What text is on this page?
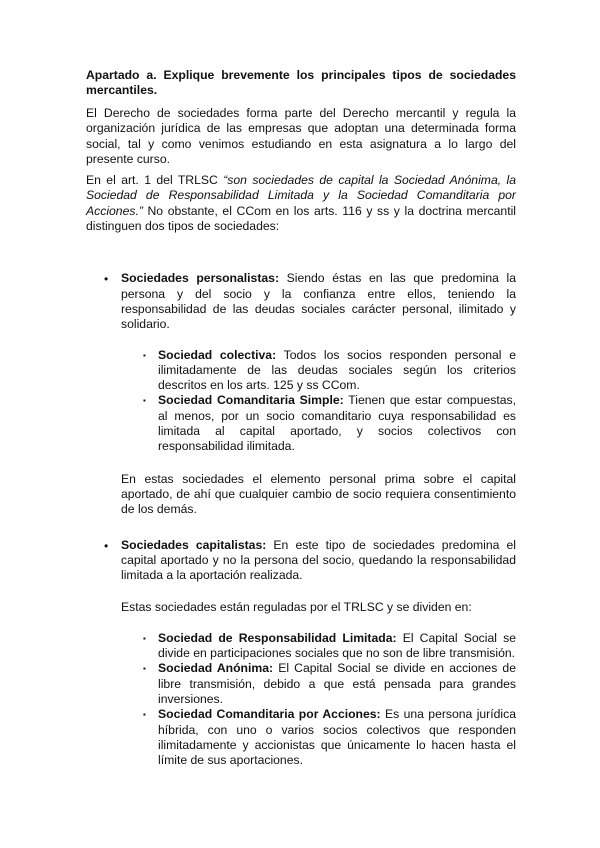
Apartado a. Explique brevemente los principales tipos de sociedades mercantiles.

El Derecho de sociedades forma parte del Derecho mercantil y regula la organización jurídica de las empresas que adoptan una determinada forma social, tal y como venimos estudiando en esta asignatura a lo largo del presente curso.

En el art. 1 del TRLSC “son sociedades de capital la Sociedad Anónima, la Sociedad de Responsabilidad Limitada y la Sociedad Comanditaria por Acciones.” No obstante, el CCom en los arts. 116 y ss y la doctrina mercantil distinguen dos tipos de sociedades:

• Sociedades personalistas: Siendo éstas en las que predomina la persona y del socio y la confianza entre ellos, teniendo la responsabilidad de las deudas sociales carácter personal, ilimitado y solidario.

▪ Sociedad colectiva: Todos los socios responden personal e ilimitadamente de las deudas sociales según los criterios descritos en los arts. 125 y ss CCom.

▪ Sociedad Comanditaria Simple: Tienen que estar compuestas, al menos, por un socio comanditario cuya responsabilidad es limitada al capital aportado, y socios colectivos con responsabilidad ilimitada.

En estas sociedades el elemento personal prima sobre el capital aportado, de ahí que cualquier cambio de socio requiera consentimiento de los demás.

• Sociedades capitalistas: En este tipo de sociedades predomina el capital aportado y no la persona del socio, quedando la responsabilidad limitada a la aportación realizada.

Estas sociedades están reguladas por el TRLSC y se dividen en:

▪ Sociedad de Responsabilidad Limitada: El Capital Social se divide en participaciones sociales que no son de libre transmisión.

▪ Sociedad Anónima: El Capital Social se divide en acciones de libre transmisión, debido a que está pensada para grandes inversiones.

▪ Sociedad Comanditaria por Acciones: Es una persona jurídica híbrida, con uno o varios socios colectivos que responden ilimitadamente y accionistas que únicamente lo hacen hasta el límite de sus aportaciones.
